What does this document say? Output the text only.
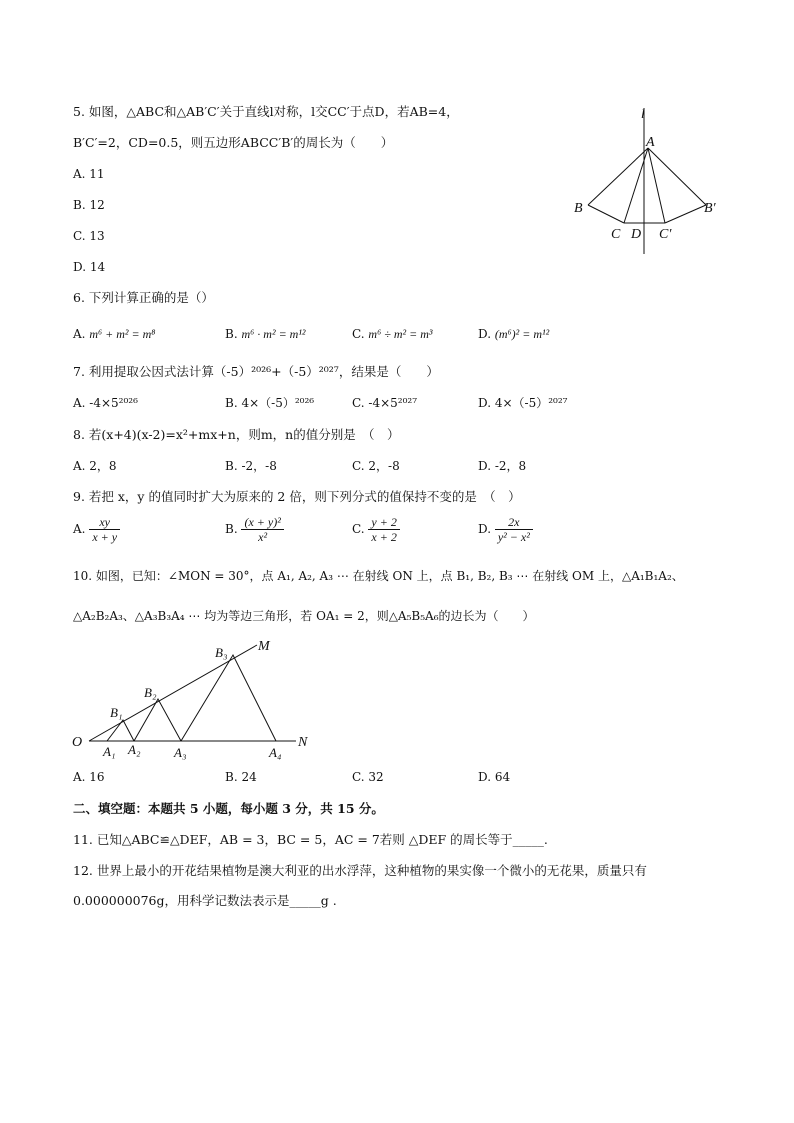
5. 如图，△ABC和△AB′C′关于直线l对称，l交CC′于点D，若AB=4，
B′C′=2，CD=0.5，则五边形ABCC′B′的周长为（　　）
A. 11
B. 12
C. 13
D. 14
l
A
B	B′
C D C′
6. 下列计算正确的是（）
A. m⁶ + m² = m⁸	B. m⁶ · m² = m¹²	C. m⁶ ÷ m² = m³	D. (m⁶)² = m¹²
7. 利用提取公因式法计算（-5）²⁰²⁶+（-5）²⁰²⁷，结果是（　　）
A. -4×5²⁰²⁶	B. 4×（-5）²⁰²⁶	C. -4×5²⁰²⁷	D. 4×（-5）²⁰²⁷
8. 若(x+4)(x-2)=x²+mx+n，则m，n的值分别是　（　）
A. 2，8	B. -2，-8	C. 2，-8	D. -2，8
9. 若把 x，y 的值同时扩大为原来的 2 倍，则下列分式的值保持不变的是　（　）
A. $\frac{xy}{x + y}$	B. $\frac{\text{(x + y)²}}{\text{x²}}$	C. $\frac{y + 2}{x + 2}$	D. $\frac{2x}{\text{y² − x²}}$
10. 如图，已知：∠MON = 30°，点 A₁, A₂, A₃ ⋯ 在射线 ON 上，点 B₁, B₂, B₃ ⋯ 在射线 OM 上，△A₁B₁A₂、
△A₂B₂A₃、△A₃B₃A₄ ⋯ 均为等边三角形，若 OA₁ = 2，则△A₅B₅A₆的边长为（　　）
O
M
N
A₁ A₂	A₃	A₄
B₁
B₂
B₃
A. 16	B. 24	C. 32	D. 64
二、填空题：本题共 5 小题，每小题 3 分，共 15 分。
11. 已知△ABC≌△DEF，AB = 3，BC = 5，AC = 7若则 △DEF 的周长等于_____.
12. 世界上最小的开花结果植物是澳大利亚的出水浮萍，这种植物的果实像一个微小的无花果，质量只有
0.000000076g，用科学记数法表示是_____g .
